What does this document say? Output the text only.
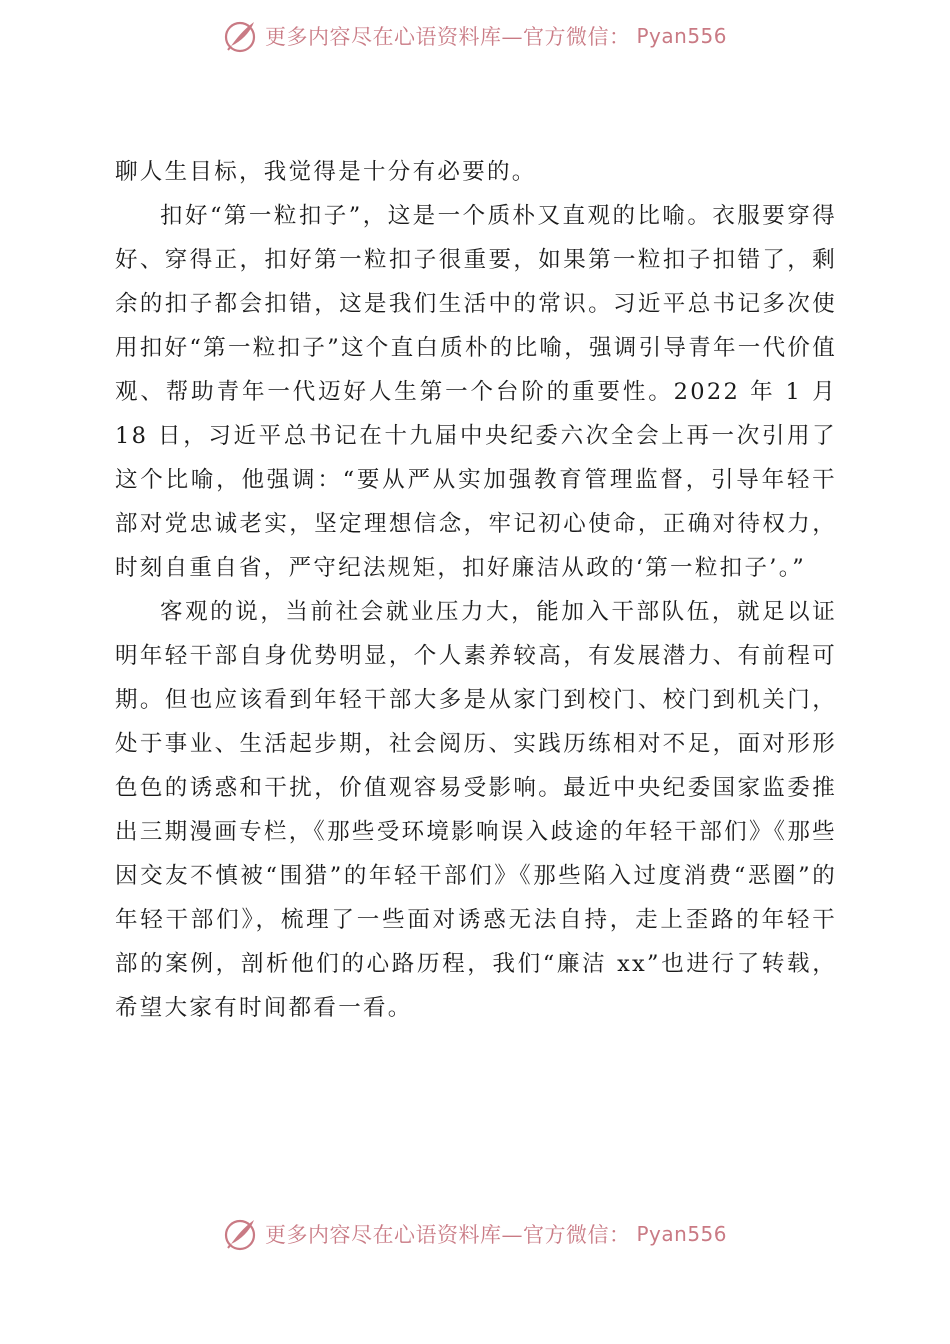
更多内容尽在心语资料库—官方微信： Pyan556

聊人生目标，我觉得是十分有必要的。

扣好“第一粒扣子”，这是一个质朴又直观的比喻。衣服要穿得好、穿得正，扣好第一粒扣子很重要，如果第一粒扣子扣错了，剩余的扣子都会扣错，这是我们生活中的常识。习近平总书记多次使用扣好“第一粒扣子”这个直白质朴的比喻，强调引导青年一代价值观、帮助青年一代迈好人生第一个台阶的重要性。2022 年 1 月 18 日，习近平总书记在十九届中央纪委六次全会上再一次引用了这个比喻，他强调：“要从严从实加强教育管理监督，引导年轻干部对党忠诚老实，坚定理想信念，牢记初心使命，正确对待权力，时刻自重自省，严守纪法规矩，扣好廉洁从政的‘第一粒扣子’。”

客观的说，当前社会就业压力大，能加入干部队伍，就足以证明年轻干部自身优势明显，个人素养较高，有发展潜力、有前程可期。但也应该看到年轻干部大多是从家门到校门、校门到机关门，处于事业、生活起步期，社会阅历、实践历练相对不足，面对形形色色的诱惑和干扰，价值观容易受影响。最近中央纪委国家监委推出三期漫画专栏，《那些受环境影响误入歧途的年轻干部们》《那些因交友不慎被“围猎”的年轻干部们》《那些陷入过度消费“恶圈”的年轻干部们》，梳理了一些面对诱惑无法自持，走上歪路的年轻干部的案例，剖析他们的心路历程，我们“廉洁 xx”也进行了转载，希望大家有时间都看一看。

更多内容尽在心语资料库—官方微信： Pyan556
